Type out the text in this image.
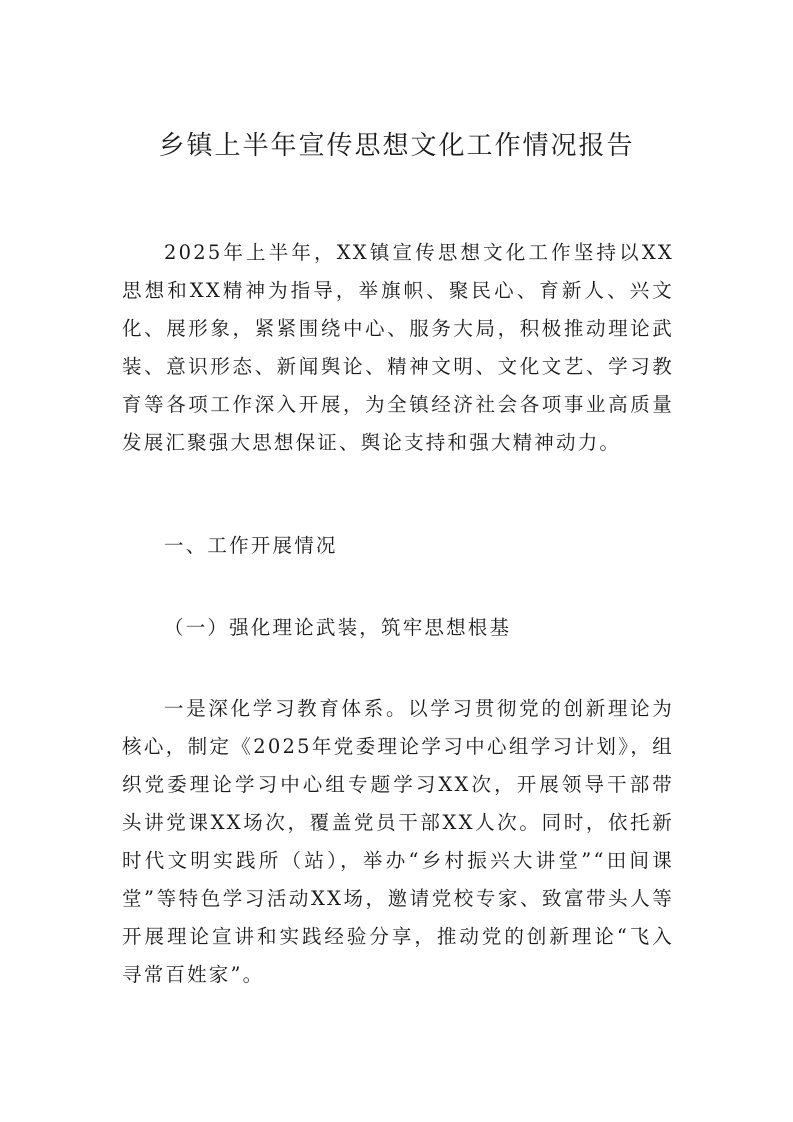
乡镇上半年宣传思想文化工作情况报告

2025年上半年，XX镇宣传思想文化工作坚持以XX思想和XX精神为指导，举旗帜、聚民心、育新人、兴文化、展形象，紧紧围绕中心、服务大局，积极推动理论武装、意识形态、新闻舆论、精神文明、文化文艺、学习教育等各项工作深入开展，为全镇经济社会各项事业高质量发展汇聚强大思想保证、舆论支持和强大精神动力。

一、工作开展情况
（一）强化理论武装，筑牢思想根基

一是深化学习教育体系。以学习贯彻党的创新理论为核心，制定《2025年党委理论学习中心组学习计划》，组织党委理论学习中心组专题学习XX次，开展领导干部带头讲党课XX场次，覆盖党员干部XX人次。同时，依托新时代文明实践所（站），举办“乡村振兴大讲堂”“田间课堂”等特色学习活动XX场，邀请党校专家、致富带头人等开展理论宣讲和实践经验分享，推动党的创新理论“飞入寻常百姓家”。
